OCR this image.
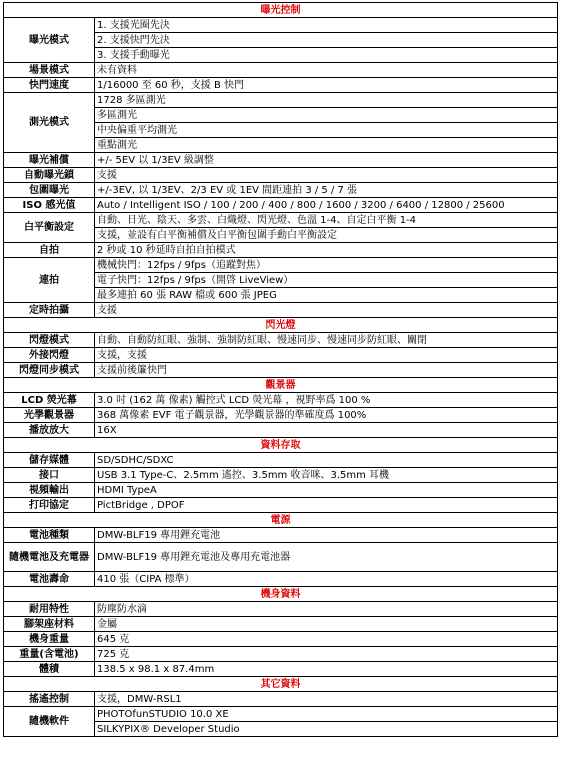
曝光控制	
曝光模式	1. 支援光圈先決
	2. 支援快門先決
	3. 支援手動曝光
場景模式	未有資料
快門速度	1/16000 至 60 秒，支援 B 快門
測光模式	1728 多區測光
	多區測光
	中央偏重平均測光
	重點測光
曝光補償	+/- 5EV 以 1/3EV 級調整
自動曝光鎖	支援
包圍曝光	+/-3EV, 以 1/3EV、2/3 EV 或 1EV 間距連拍 3 / 5 / 7 張
ISO 感光值	Auto / Intelligent ISO / 100 / 200 / 400 / 800 / 1600 / 3200 / 6400 / 12800 / 25600
白平衡設定	自動、日光、陰天、多雲、白熾燈、閃光燈、色溫 1-4、自定白平衡 1-4
	支援，並設有白平衡補償及白平衡包圍手動白平衡設定
自拍	2 秒或 10 秒延時自拍自拍模式
連拍	機械快門：12fps / 9fps（追蹤對焦）
	電子快門：12fps / 9fps（開啓 LiveView）
	最多連拍 60 張 RAW 檔或 600 張 JPEG
定時拍攝	支援
閃光燈	
閃燈模式	自動、自動防紅眼、強制、強制防紅眼、慢速同步、慢速同步防紅眼、關閉
外接閃燈	支援，支援
閃燈同步模式	支援前後簾快門
觀景器	
LCD 熒光幕	3.0 吋 (162 萬 像素) 觸控式 LCD 熒光幕 ，視野率爲 100 %
光學觀景器	368 萬像素 EVF 電子觀景器，光學觀景器的準確度爲 100%
播放放大	16X
資料存取	
儲存媒體	SD/SDHC/SDXC
接口	USB 3.1 Type-C、2.5mm 遙控、3.5mm 收音咪、3.5mm 耳機
視頻輸出	HDMI TypeA
打印協定	PictBridge , DPOF
電源	
電池種類	DMW-BLF19 專用鋰充電池
隨機電池及充電器	DMW-BLF19 專用鋰充電池及專用充電池器
電池壽命	410 張（CIPA 標準）
機身資料	
耐用特性	防塵防水滴
腳架座材料	金屬
機身重量	645 克
重量(含電池)	725 克
體積	138.5 x 98.1 x 87.4mm
其它資料	
搖遙控制	支援，DMW-RSL1
隨機軟件	PHOTOfunSTUDIO 10.0 XE
	SILKYPIX® Developer Studio
